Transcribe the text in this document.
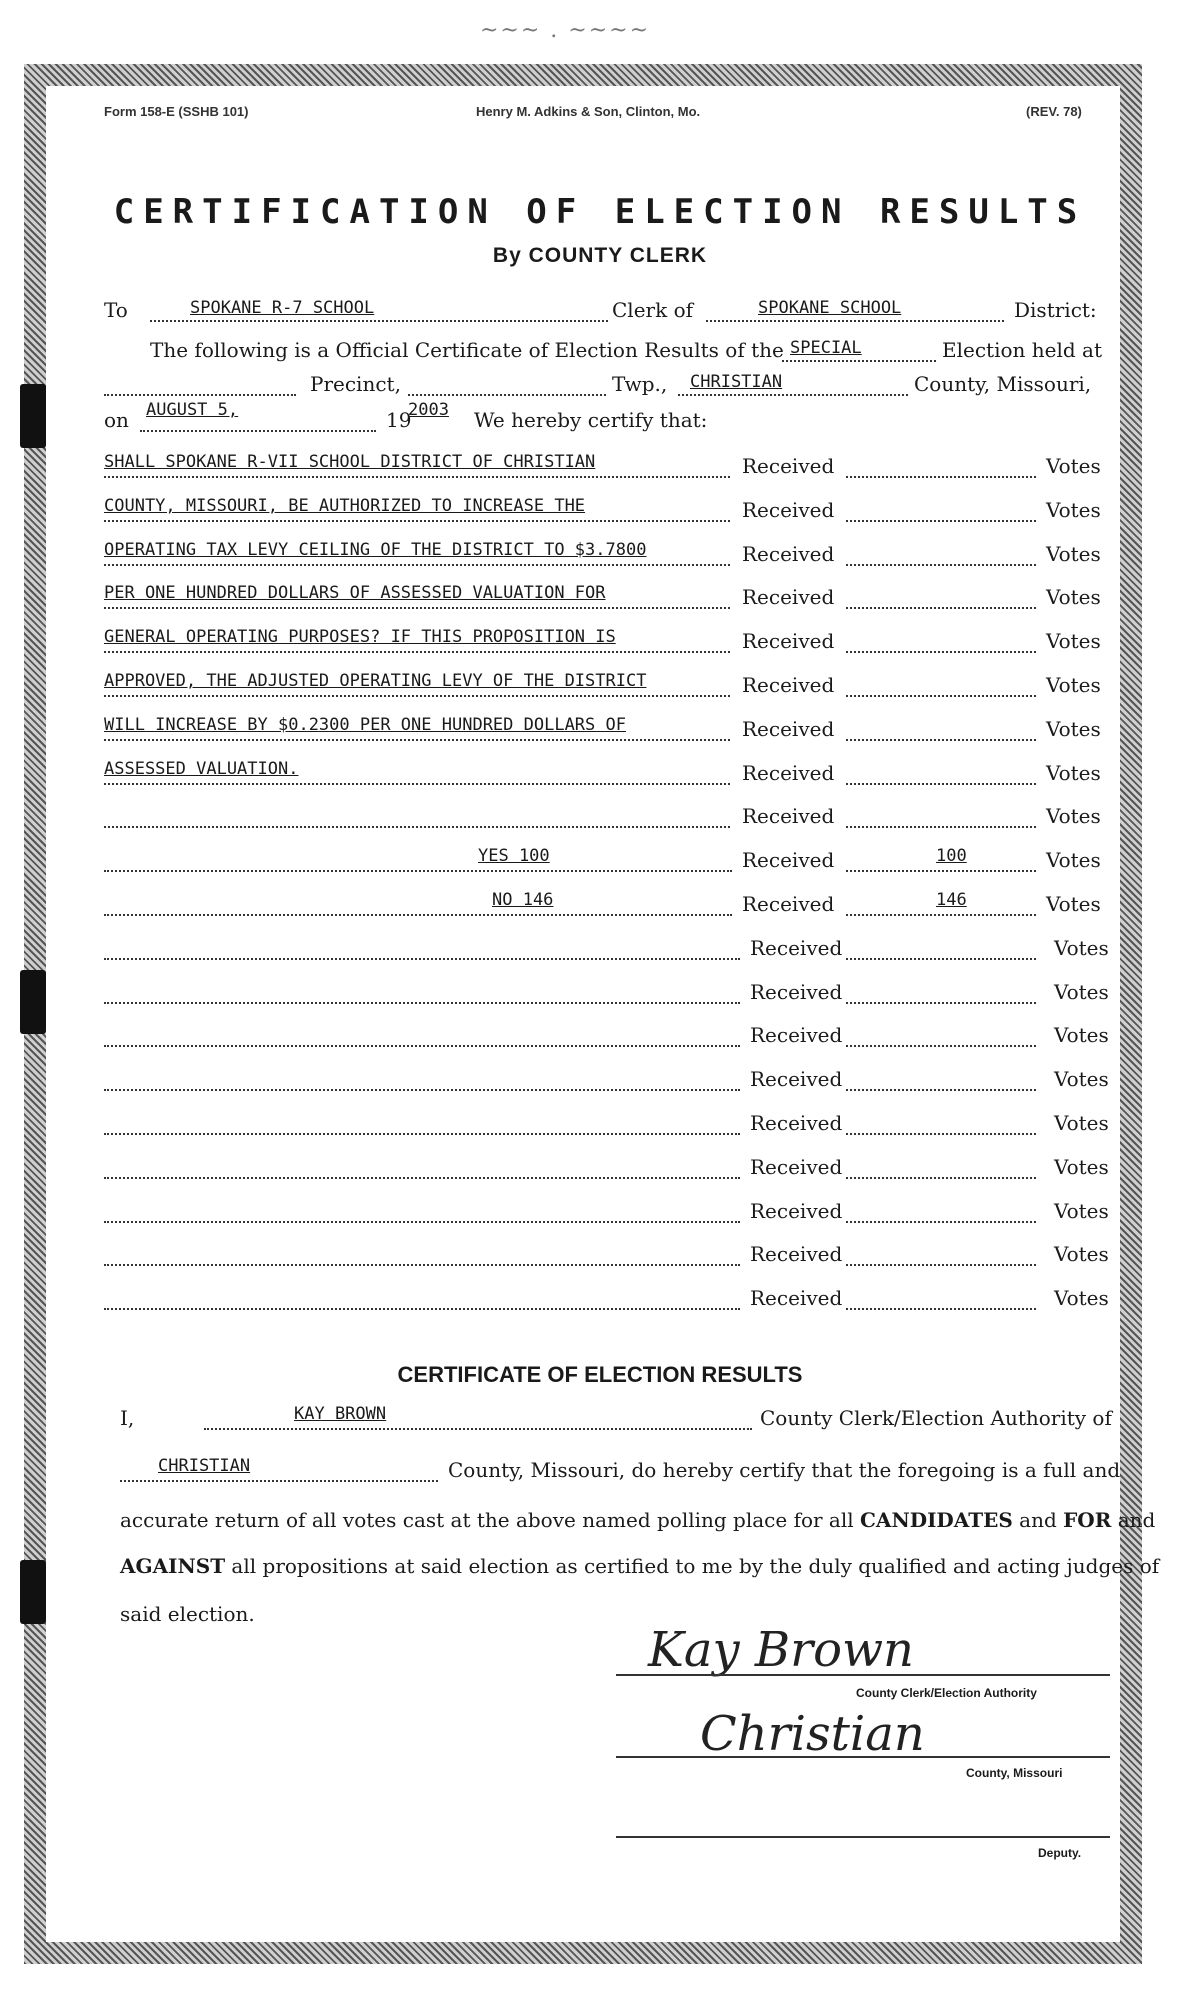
~~~ . ~~~~
Form 158-E (SSHB 101)	Henry M. Adkins & Son, Clinton, Mo.	(REV. 78)
CERTIFICATION OF ELECTION RESULTS
By COUNTY CLERK
To	SPOKANE R-7 SCHOOL	Clerk of	SPOKANE SCHOOL	District:
The following is a Official Certificate of Election Results of the SPECIAL	Election held at
Precinct,	Twp., CHRISTIAN	County, Missouri,
on AUGUST 5,	19
2003 We hereby certify that:
SHALL SPOKANE R-VII SCHOOL DISTRICT OF CHRISTIAN	Received	Votes
COUNTY, MISSOURI, BE AUTHORIZED TO INCREASE THE	Received	Votes
OPERATING TAX LEVY CEILING OF THE DISTRICT TO $3.7800	Received	Votes
PER ONE HUNDRED DOLLARS OF ASSESSED VALUATION FOR	Received	Votes
GENERAL OPERATING PURPOSES? IF THIS PROPOSITION IS	Received	Votes
APPROVED, THE ADJUSTED OPERATING LEVY OF THE DISTRICT	Received	Votes
WILL INCREASE BY $0.2300 PER ONE HUNDRED DOLLARS OF	Received	Votes
ASSESSED VALUATION.	Received	Votes
Received	Votes
YES 100	Received	100	Votes
NO 146	Received	146	Votes
Received	Votes
Received	Votes
Received	Votes
Received	Votes
Received	Votes
Received	Votes
Received	Votes
Received	Votes
Received	Votes
CERTIFICATE OF ELECTION RESULTS
I,	KAY BROWN	County Clerk/Election Authority of
CHRISTIAN	County, Missouri, do hereby certify that the foregoing is a full and
accurate return of all votes cast at the above named polling place for all CANDIDATES and FOR and
AGAINST all propositions at said election as certified to me by the duly qualified and acting judges of
said election.
Kay Brown
County Clerk/Election Authority
Christian
County, Missouri
Deputy.
